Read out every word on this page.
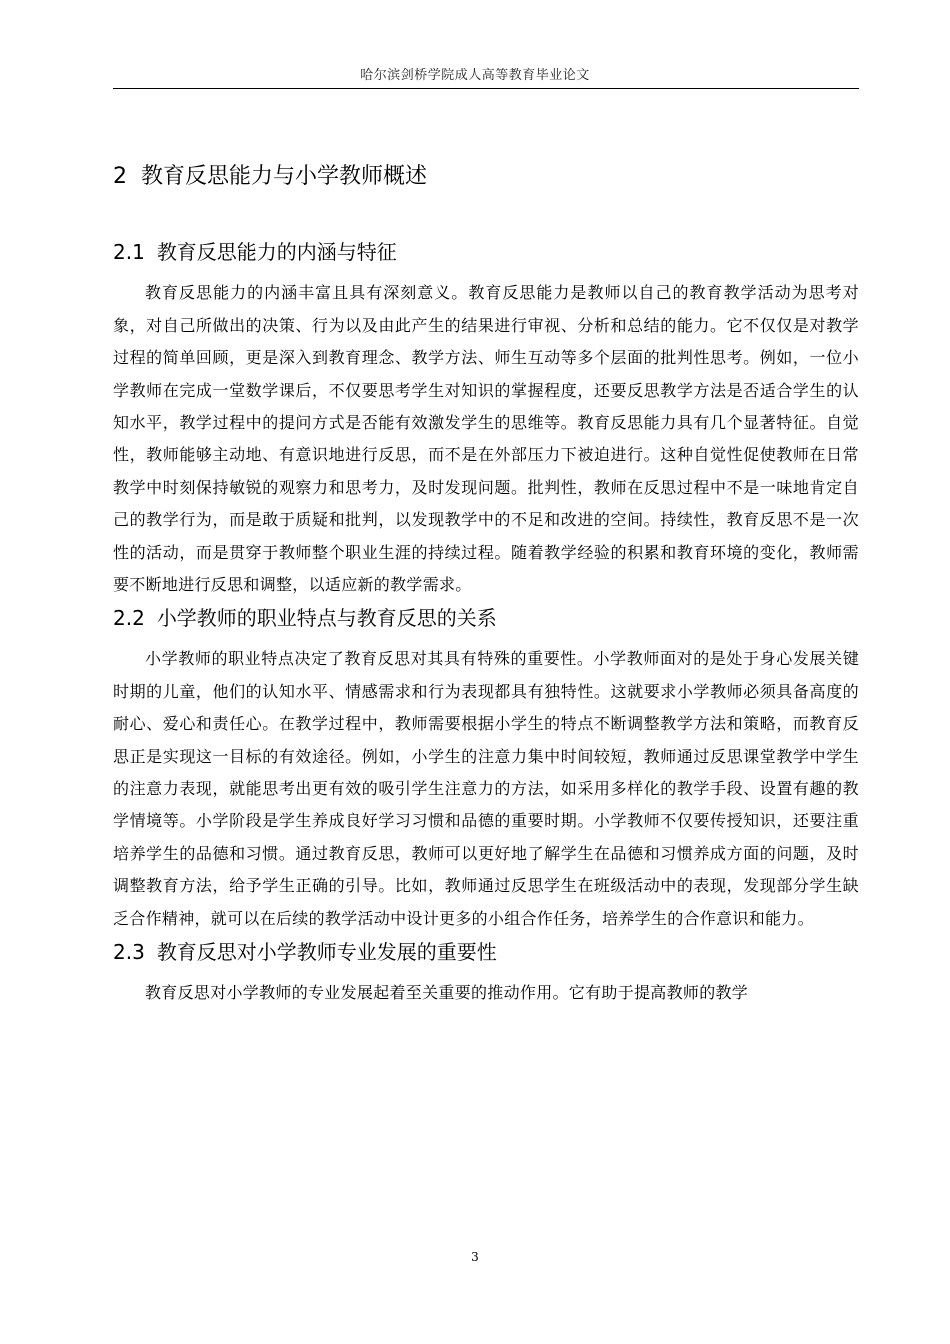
哈尔滨剑桥学院成人高等教育毕业论文
2 教育反思能力与小学教师概述
2.1 教育反思能力的内涵与特征

教育反思能力的内涵丰富且具有深刻意义。教育反思能力是教师以自己的教育教学活动为思考对象，对自己所做出的决策、行为以及由此产生的结果进行审视、分析和总结的能力。它不仅仅是对教学过程的简单回顾，更是深入到教育理念、教学方法、师生互动等多个层面的批判性思考。例如，一位小学教师在完成一堂数学课后，不仅要思考学生对知识的掌握程度，还要反思教学方法是否适合学生的认知水平，教学过程中的提问方式是否能有效激发学生的思维等。教育反思能力具有几个显著特征。自觉性，教师能够主动地、有意识地进行反思，而不是在外部压力下被迫进行。这种自觉性促使教师在日常教学中时刻保持敏锐的观察力和思考力，及时发现问题。批判性，教师在反思过程中不是一味地肯定自己的教学行为，而是敢于质疑和批判，以发现教学中的不足和改进的空间。持续性，教育反思不是一次性的活动，而是贯穿于教师整个职业生涯的持续过程。随着教学经验的积累和教育环境的变化，教师需要不断地进行反思和调整，以适应新的教学需求。

2.2 小学教师的职业特点与教育反思的关系

小学教师的职业特点决定了教育反思对其具有特殊的重要性。小学教师面对的是处于身心发展关键时期的儿童，他们的认知水平、情感需求和行为表现都具有独特性。这就要求小学教师必须具备高度的耐心、爱心和责任心。在教学过程中，教师需要根据小学生的特点不断调整教学方法和策略，而教育反思正是实现这一目标的有效途径。例如，小学生的注意力集中时间较短，教师通过反思课堂教学中学生的注意力表现，就能思考出更有效的吸引学生注意力的方法，如采用多样化的教学手段、设置有趣的教学情境等。小学阶段是学生养成良好学习习惯和品德的重要时期。小学教师不仅要传授知识，还要注重培养学生的品德和习惯。通过教育反思，教师可以更好地了解学生在品德和习惯养成方面的问题，及时调整教育方法，给予学生正确的引导。比如，教师通过反思学生在班级活动中的表现，发现部分学生缺乏合作精神，就可以在后续的教学活动中设计更多的小组合作任务，培养学生的合作意识和能力。

2.3 教育反思对小学教师专业发展的重要性

教育反思对小学教师的专业发展起着至关重要的推动作用。它有助于提高教师的教学

3
